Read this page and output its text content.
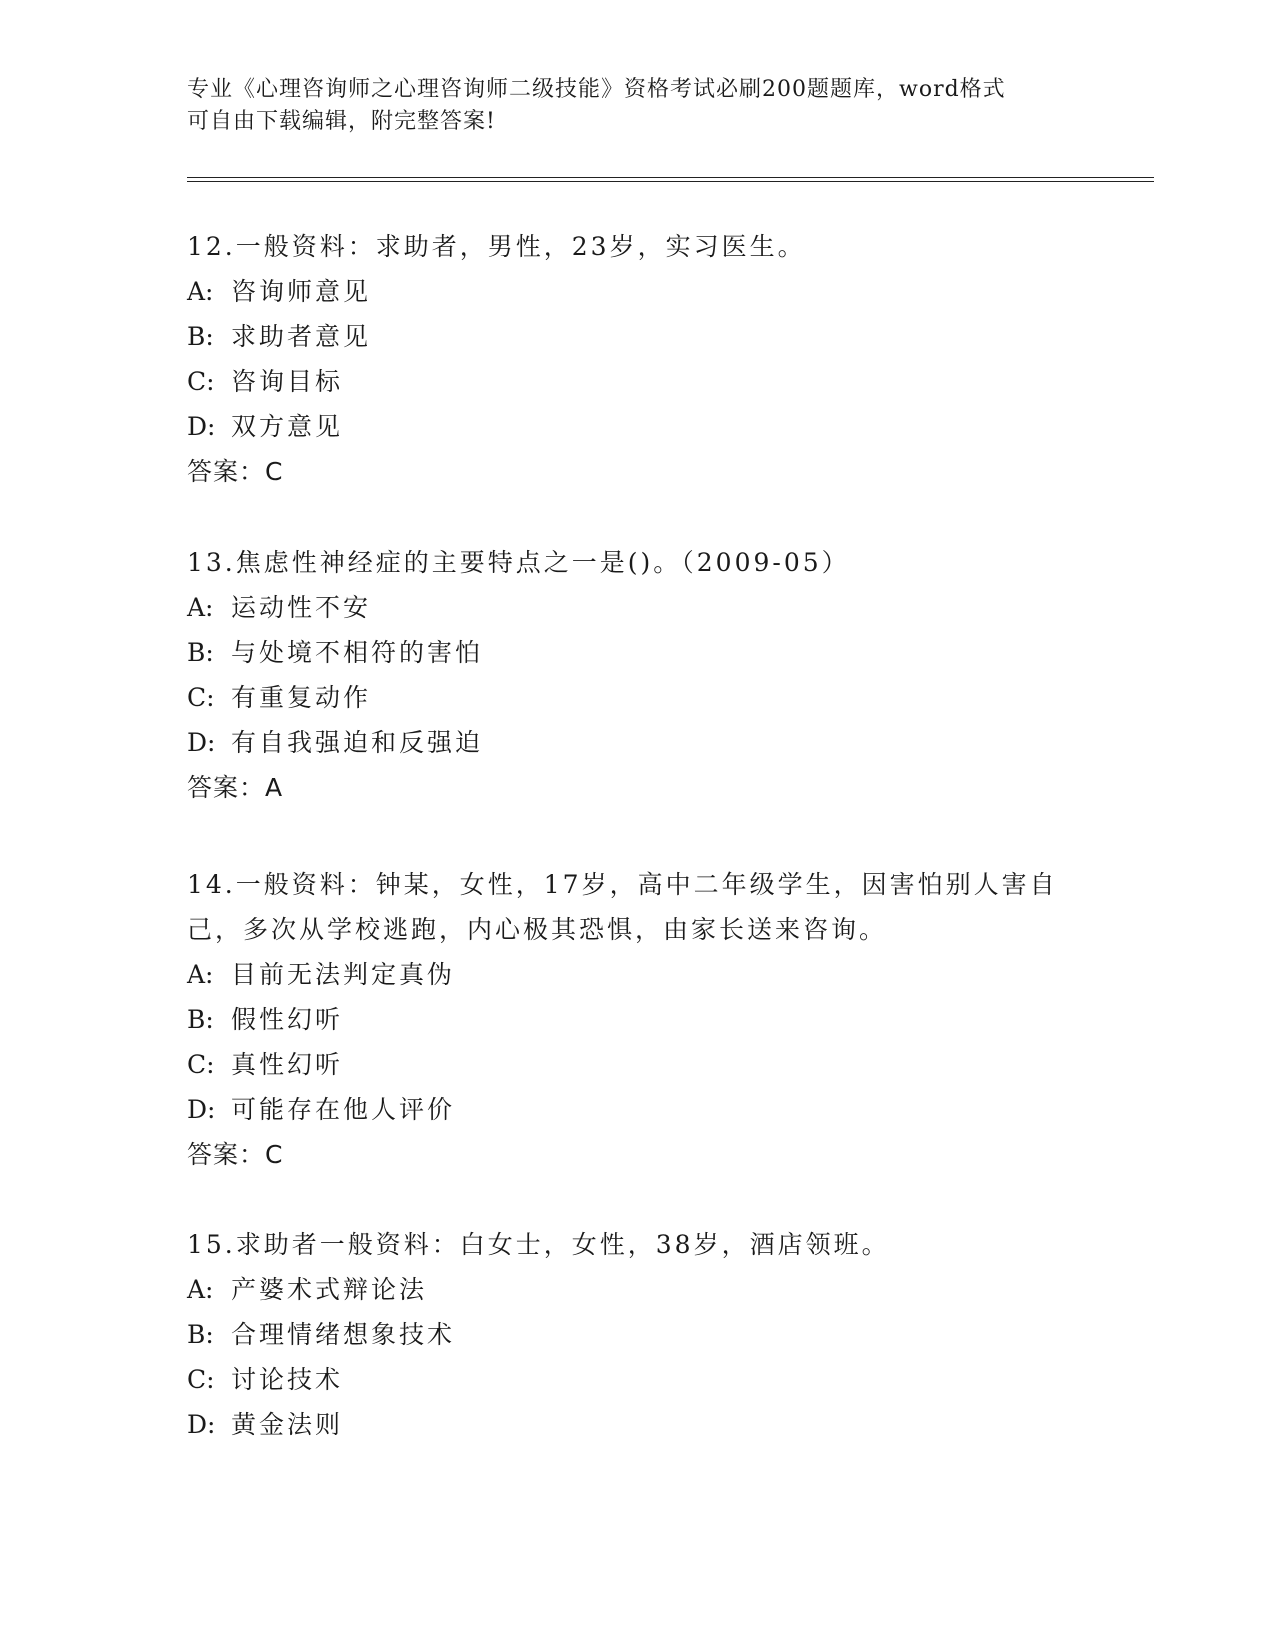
专业《心理咨询师之心理咨询师二级技能》资格考试必刷200题题库，word格式
可自由下载编辑，附完整答案!
12.一般资料：求助者，男性，23岁，实习医生。
A: 咨询师意见
B: 求助者意见
C: 咨询目标
D: 双方意见
答案：C
13.焦虑性神经症的主要特点之一是()。（2009-05）
A: 运动性不安
B: 与处境不相符的害怕
C: 有重复动作
D: 有自我强迫和反强迫
答案：A
14.一般资料：钟某，女性，17岁，高中二年级学生，因害怕别人害自
己，多次从学校逃跑，内心极其恐惧，由家长送来咨询。
A: 目前无法判定真伪
B: 假性幻听
C: 真性幻听
D: 可能存在他人评价
答案：C
15.求助者一般资料：白女士，女性，38岁，酒店领班。
A: 产婆术式辩论法
B: 合理情绪想象技术
C: 讨论技术
D: 黄金法则
